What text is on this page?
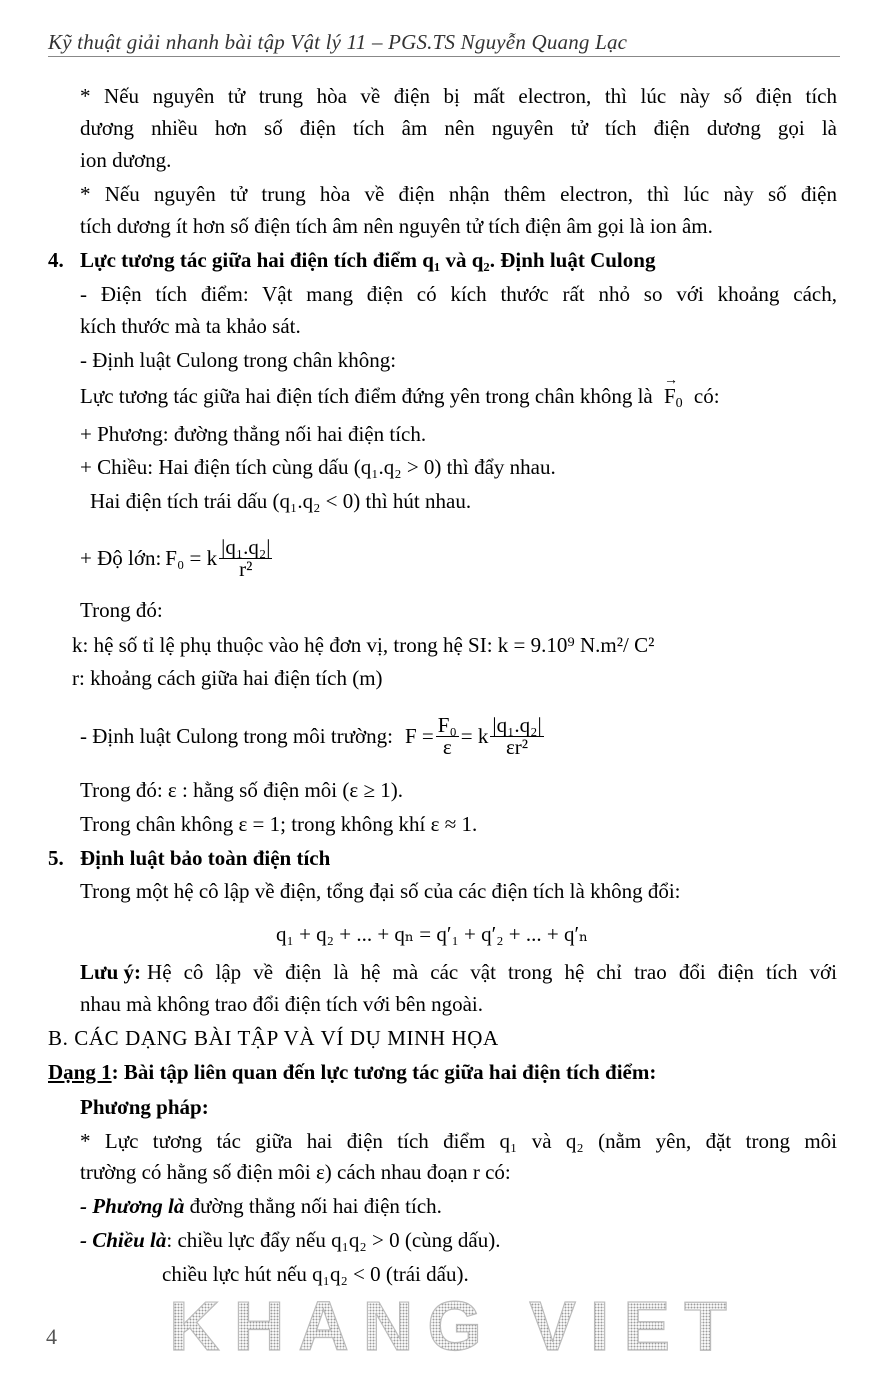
Kỹ thuật giải nhanh bài tập Vật lý 11 – PGS.TS Nguyễn Quang Lạc
* Nếu nguyên tử trung hòa về điện bị mất electron, thì lúc này số điện tích
dương nhiều hơn số điện tích âm nên nguyên tử tích điện dương gọi là
ion dương.
* Nếu nguyên tử trung hòa về điện nhận thêm electron, thì lúc này số điện
tích dương ít hơn số điện tích âm nên nguyên tử tích điện âm gọi là ion âm.
4. Lực tương tác giữa hai điện tích điểm q₁ và q₂. Định luật Culong
- Điện tích điểm: Vật mang điện có kích thước rất nhỏ so với khoảng cách,
kích thước mà ta khảo sát.
- Định luật Culong trong chân không:
Lực tương tác giữa hai điện tích điểm đứng yên trong chân không là
→
$F_0$ có:
+ Phương: đường thẳng nối hai điện tích.
+ Chiều: Hai điện tích cùng dấu (q₁.q₂ > 0) thì đẩy nhau.
Hai điện tích trái dấu (q₁.q₂ < 0) thì hút nhau.
+ Độ lớn: F₀ = k $\frac{\text{|q₁.q₂|}}{\text{r²}}$
Trong đó:
k: hệ số tỉ lệ phụ thuộc vào hệ đơn vị, trong hệ SI: k = 9.10⁹ N.m²/ C²
r: khoảng cách giữa hai điện tích (m)
- Định luật Culong trong môi trường: $F = \frac{\text{F₀}}{\varepsilon} = k \frac{\text{|q₁.q₂|}}{\text{εr²}}$
Trong đó: ε : hằng số điện môi (ε ≥ 1).
Trong chân không ε = 1; trong không khí ε ≈ 1.
5. Định luật bảo toàn điện tích
Trong một hệ cô lập về điện, tổng đại số của các điện tích là không đổi:
q₁ + q₂ + ... + qₙ = q′₁ + q′₂ + ... + q′ₙ
Lưu ý: Hệ cô lập về điện là hệ mà các vật trong hệ chỉ trao đổi điện tích với
nhau mà không trao đổi điện tích với bên ngoài.
B. CÁC DẠNG BÀI TẬP VÀ VÍ DỤ MINH HỌA
Dạng 1: Bài tập liên quan đến lực tương tác giữa hai điện tích điểm:
Phương pháp:
* Lực tương tác giữa hai điện tích điểm q₁ và q₂ (nằm yên, đặt trong môi
trường có hằng số điện môi ε) cách nhau đoạn r có:
- Phương là đường thẳng nối hai điện tích.
- Chiều là: chiều lực đẩy nếu q₁q₂ > 0 (cùng dấu).
chiều lực hút nếu q₁q₂ < 0 (trái dấu).
4 KHANG VIET
